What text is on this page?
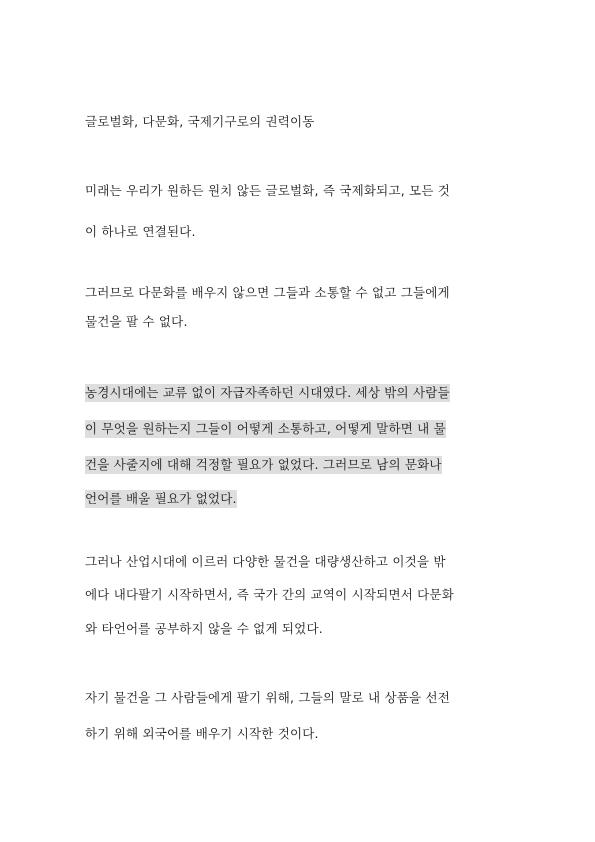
글로벌화, 다문화, 국제기구로의 권력이동
미래는 우리가 원하든 원치 않든 글로벌화, 즉 국제화되고, 모든 것
이 하나로 연결된다.
그러므로 다문화를 배우지 않으면 그들과 소통할 수 없고 그들에게
물건을 팔 수 없다.
농경시대에는 교류 없이 자급자족하던 시대였다. 세상 밖의 사람들
이 무엇을 원하는지 그들이 어떻게 소통하고, 어떻게 말하면 내 물
건을 사줄지에 대해 걱정할 필요가 없었다. 그러므로 남의 문화나
언어를 배울 필요가 없었다.
그러나 산업시대에 이르러 다양한 물건을 대량생산하고 이것을 밖
에다 내다팔기 시작하면서, 즉 국가 간의 교역이 시작되면서 다문화
와 타언어를 공부하지 않을 수 없게 되었다.
자기 물건을 그 사람들에게 팔기 위해, 그들의 말로 내 상품을 선전
하기 위해 외국어를 배우기 시작한 것이다.
